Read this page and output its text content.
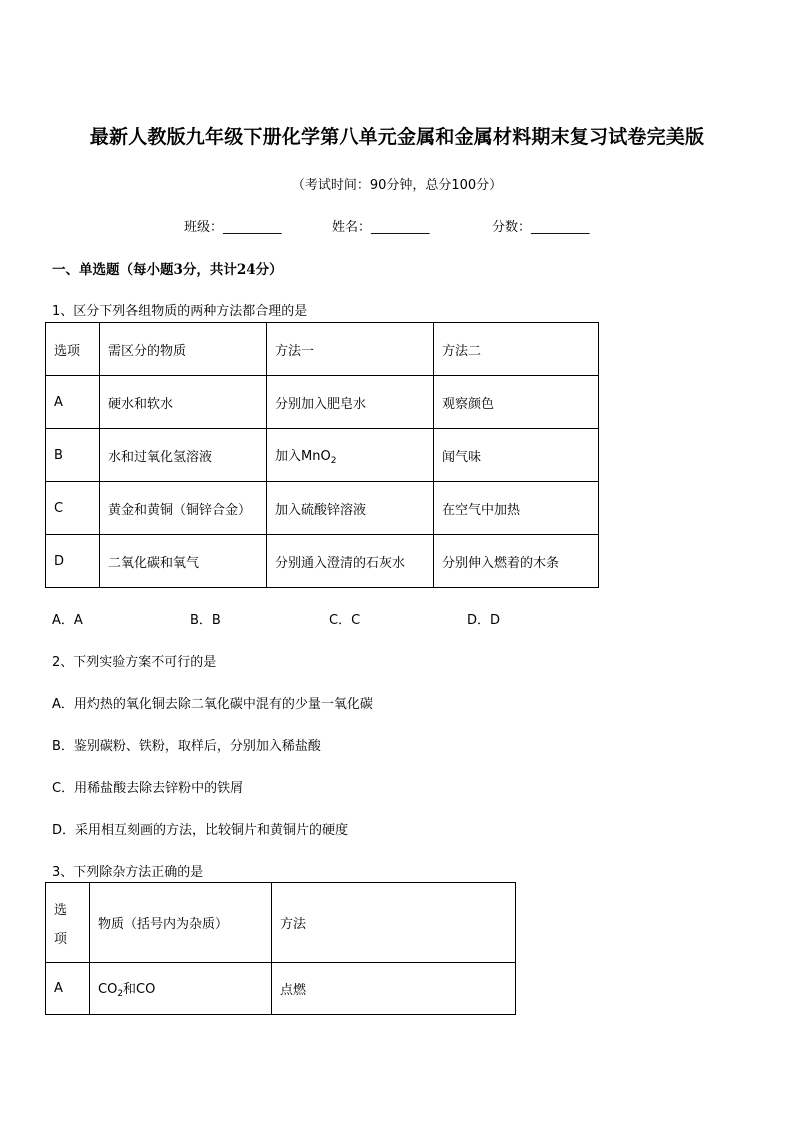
最新人教版九年级下册化学第八单元金属和金属材料期末复习试卷完美版
（考试时间：90分钟，总分100分）
班级：_________	姓名：_________	分数：_________
一、单选题（每小题3分，共计24分）
1、区分下列各组物质的两种方法都合理的是
选项	需区分的物质	方法一	方法二
A	硬水和软水	分别加入肥皂水	观察颜色
B	水和过氧化氢溶液	加入MnO$_2$	闻气味
C	黄金和黄铜（铜锌合金）	加入硫酸锌溶液	在空气中加热
D	二氧化碳和氧气	分别通入澄清的石灰水	分别伸入燃着的木条
A．A	B．B	C．C	D．D
2、下列实验方案不可行的是
A．用灼热的氧化铜去除二氧化碳中混有的少量一氧化碳
B．鉴别碳粉、铁粉，取样后，分别加入稀盐酸
C．用稀盐酸去除去锌粉中的铁屑
D．采用相互刻画的方法，比较铜片和黄铜片的硬度
3、下列除杂方法正确的是
选
项	物质（括号内为杂质）	方法
A	$CO_2$和CO	点燃
